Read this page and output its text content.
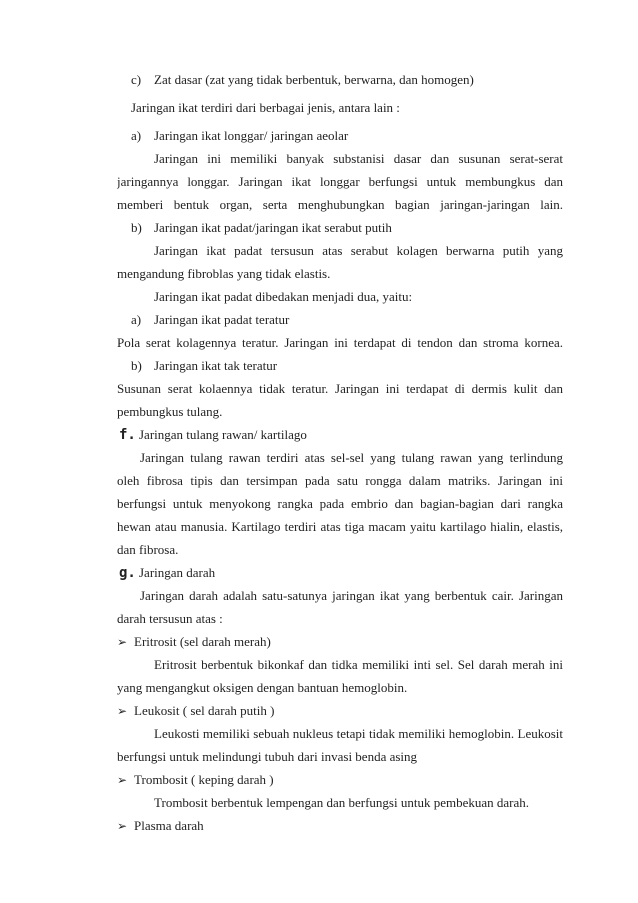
c) Zat dasar (zat yang tidak berbentuk, berwarna, dan homogen)
Jaringan ikat terdiri dari berbagai jenis, antara lain :
a) Jaringan ikat longgar/ jaringan aeolar
Jaringan ini memiliki banyak substanisi dasar dan susunan serat-serat
jaringannya longgar. Jaringan ikat longgar berfungsi untuk membungkus dan
memberi bentuk organ, serta menghubungkan bagian jaringan-jaringan lain.
b) Jaringan ikat padat/jaringan ikat serabut putih
Jaringan ikat padat tersusun atas serabut kolagen berwarna putih yang
mengandung fibroblas yang tidak elastis.
Jaringan ikat padat dibedakan menjadi dua, yaitu:
a) Jaringan ikat padat teratur
Pola serat kolagennya teratur. Jaringan ini terdapat di tendon dan stroma kornea.
b) Jaringan ikat tak teratur
Susunan serat kolaennya tidak teratur. Jaringan ini terdapat di dermis kulit dan
pembungkus tulang.
f. Jaringan tulang rawan/ kartilago
Jaringan tulang rawan terdiri atas sel-sel yang tulang rawan yang terlindung
oleh fibrosa tipis dan tersimpan pada satu rongga dalam matriks. Jaringan ini
berfungsi untuk menyokong rangka pada embrio dan bagian-bagian dari rangka
hewan atau manusia. Kartilago terdiri atas tiga macam yaitu kartilago hialin, elastis,
dan fibrosa.
g. Jaringan darah
Jaringan darah adalah satu-satunya jaringan ikat yang berbentuk cair. Jaringan
darah tersusun atas :
➢ Eritrosit (sel darah merah)
Eritrosit berbentuk bikonkaf dan tidka memiliki inti sel. Sel darah merah ini
yang mengangkut oksigen dengan bantuan hemoglobin.
➢ Leukosit ( sel darah putih )
Leukosti memiliki sebuah nukleus tetapi tidak memiliki hemoglobin. Leukosit
berfungsi untuk melindungi tubuh dari invasi benda asing
➢ Trombosit ( keping darah )
Trombosit berbentuk lempengan dan berfungsi untuk pembekuan darah.
➢ Plasma darah
